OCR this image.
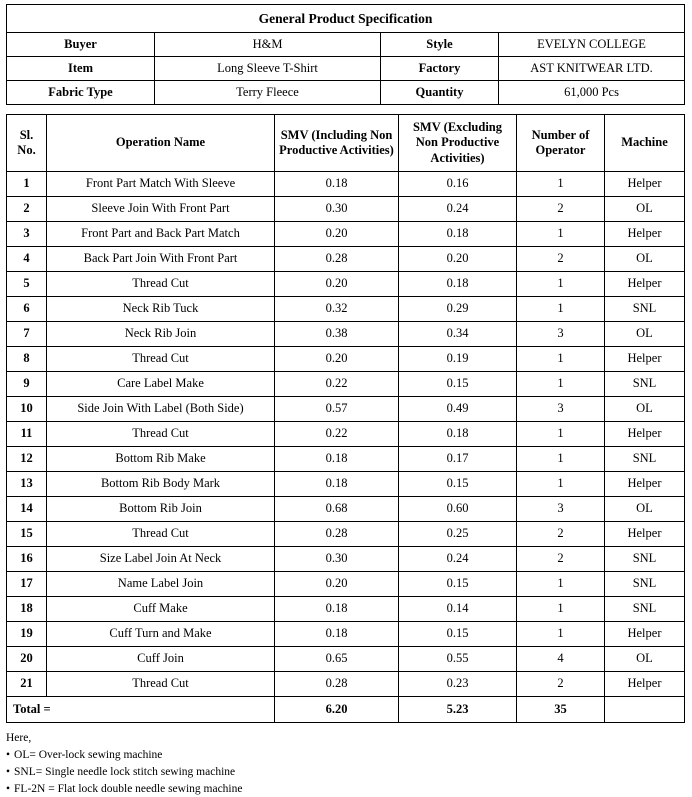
General Product Specification			
Buyer	H&M	Style	EVELYN COLLEGE
Item	Long Sleeve T-Shirt	Factory	AST KNITWEAR LTD.
Fabric Type	Terry Fleece	Quantity	61,000 Pcs
Sl. No.	Operation Name	SMV (Including Non Productive Activities)	SMV (Excluding Non Productive Activities)	Number of Operator	Machine
1	Front Part Match With Sleeve	0.18	0.16	1	Helper
2	Sleeve Join With Front Part	0.30	0.24	2	OL
3	Front Part and Back Part Match	0.20	0.18	1	Helper
4	Back Part Join With Front Part	0.28	0.20	2	OL
5	Thread Cut	0.20	0.18	1	Helper
6	Neck Rib Tuck	0.32	0.29	1	SNL
7	Neck Rib Join	0.38	0.34	3	OL
8	Thread Cut	0.20	0.19	1	Helper
9	Care Label Make	0.22	0.15	1	SNL
10	Side Join With Label (Both Side)	0.57	0.49	3	OL
11	Thread Cut	0.22	0.18	1	Helper
12	Bottom Rib Make	0.18	0.17	1	SNL
13	Bottom Rib Body Mark	0.18	0.15	1	Helper
14	Bottom Rib Join	0.68	0.60	3	OL
15	Thread Cut	0.28	0.25	2	Helper
16	Size Label Join At Neck	0.30	0.24	2	SNL
17	Name Label Join	0.20	0.15	1	SNL
18	Cuff Make	0.18	0.14	1	SNL
19	Cuff Turn and Make	0.18	0.15	1	Helper
20	Cuff Join	0.65	0.55	4	OL
21	Thread Cut	0.28	0.23	2	Helper
Total =		6.20	5.23	35	
Here,
• OL= Over-lock sewing machine
• SNL= Single needle lock stitch sewing machine
• FL-2N = Flat lock double needle sewing machine
